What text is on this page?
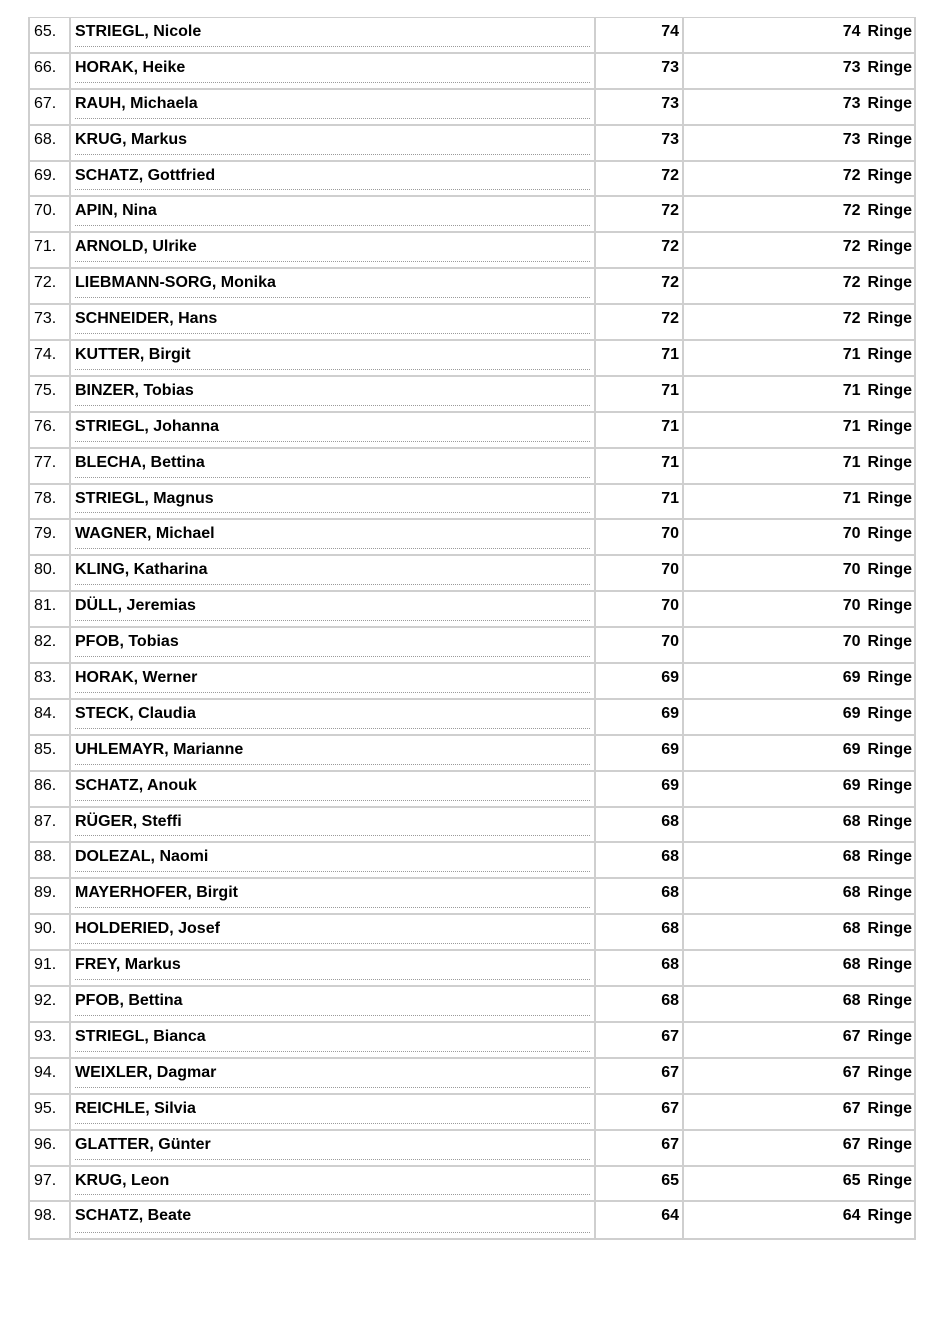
65.	STRIEGL, Nicole	74	74 Ringe
66.	HORAK, Heike	73	73 Ringe
67.	RAUH, Michaela	73	73 Ringe
68.	KRUG, Markus	73	73 Ringe
69.	SCHATZ, Gottfried	72	72 Ringe
70.	APIN, Nina	72	72 Ringe
71.	ARNOLD, Ulrike	72	72 Ringe
72.	LIEBMANN-SORG, Monika	72	72 Ringe
73.	SCHNEIDER, Hans	72	72 Ringe
74.	KUTTER, Birgit	71	71 Ringe
75.	BINZER, Tobias	71	71 Ringe
76.	STRIEGL, Johanna	71	71 Ringe
77.	BLECHA, Bettina	71	71 Ringe
78.	STRIEGL, Magnus	71	71 Ringe
79.	WAGNER, Michael	70	70 Ringe
80.	KLING, Katharina	70	70 Ringe
81.	DÜLL, Jeremias	70	70 Ringe
82.	PFOB, Tobias	70	70 Ringe
83.	HORAK, Werner	69	69 Ringe
84.	STECK, Claudia	69	69 Ringe
85.	UHLEMAYR, Marianne	69	69 Ringe
86.	SCHATZ, Anouk	69	69 Ringe
87.	RÜGER, Steffi	68	68 Ringe
88.	DOLEZAL, Naomi	68	68 Ringe
89.	MAYERHOFER, Birgit	68	68 Ringe
90.	HOLDERIED, Josef	68	68 Ringe
91.	FREY, Markus	68	68 Ringe
92.	PFOB, Bettina	68	68 Ringe
93.	STRIEGL, Bianca	67	67 Ringe
94.	WEIXLER, Dagmar	67	67 Ringe
95.	REICHLE, Silvia	67	67 Ringe
96.	GLATTER, Günter	67	67 Ringe
97.	KRUG, Leon	65	65 Ringe
98.	SCHATZ, Beate	64	64 Ringe
